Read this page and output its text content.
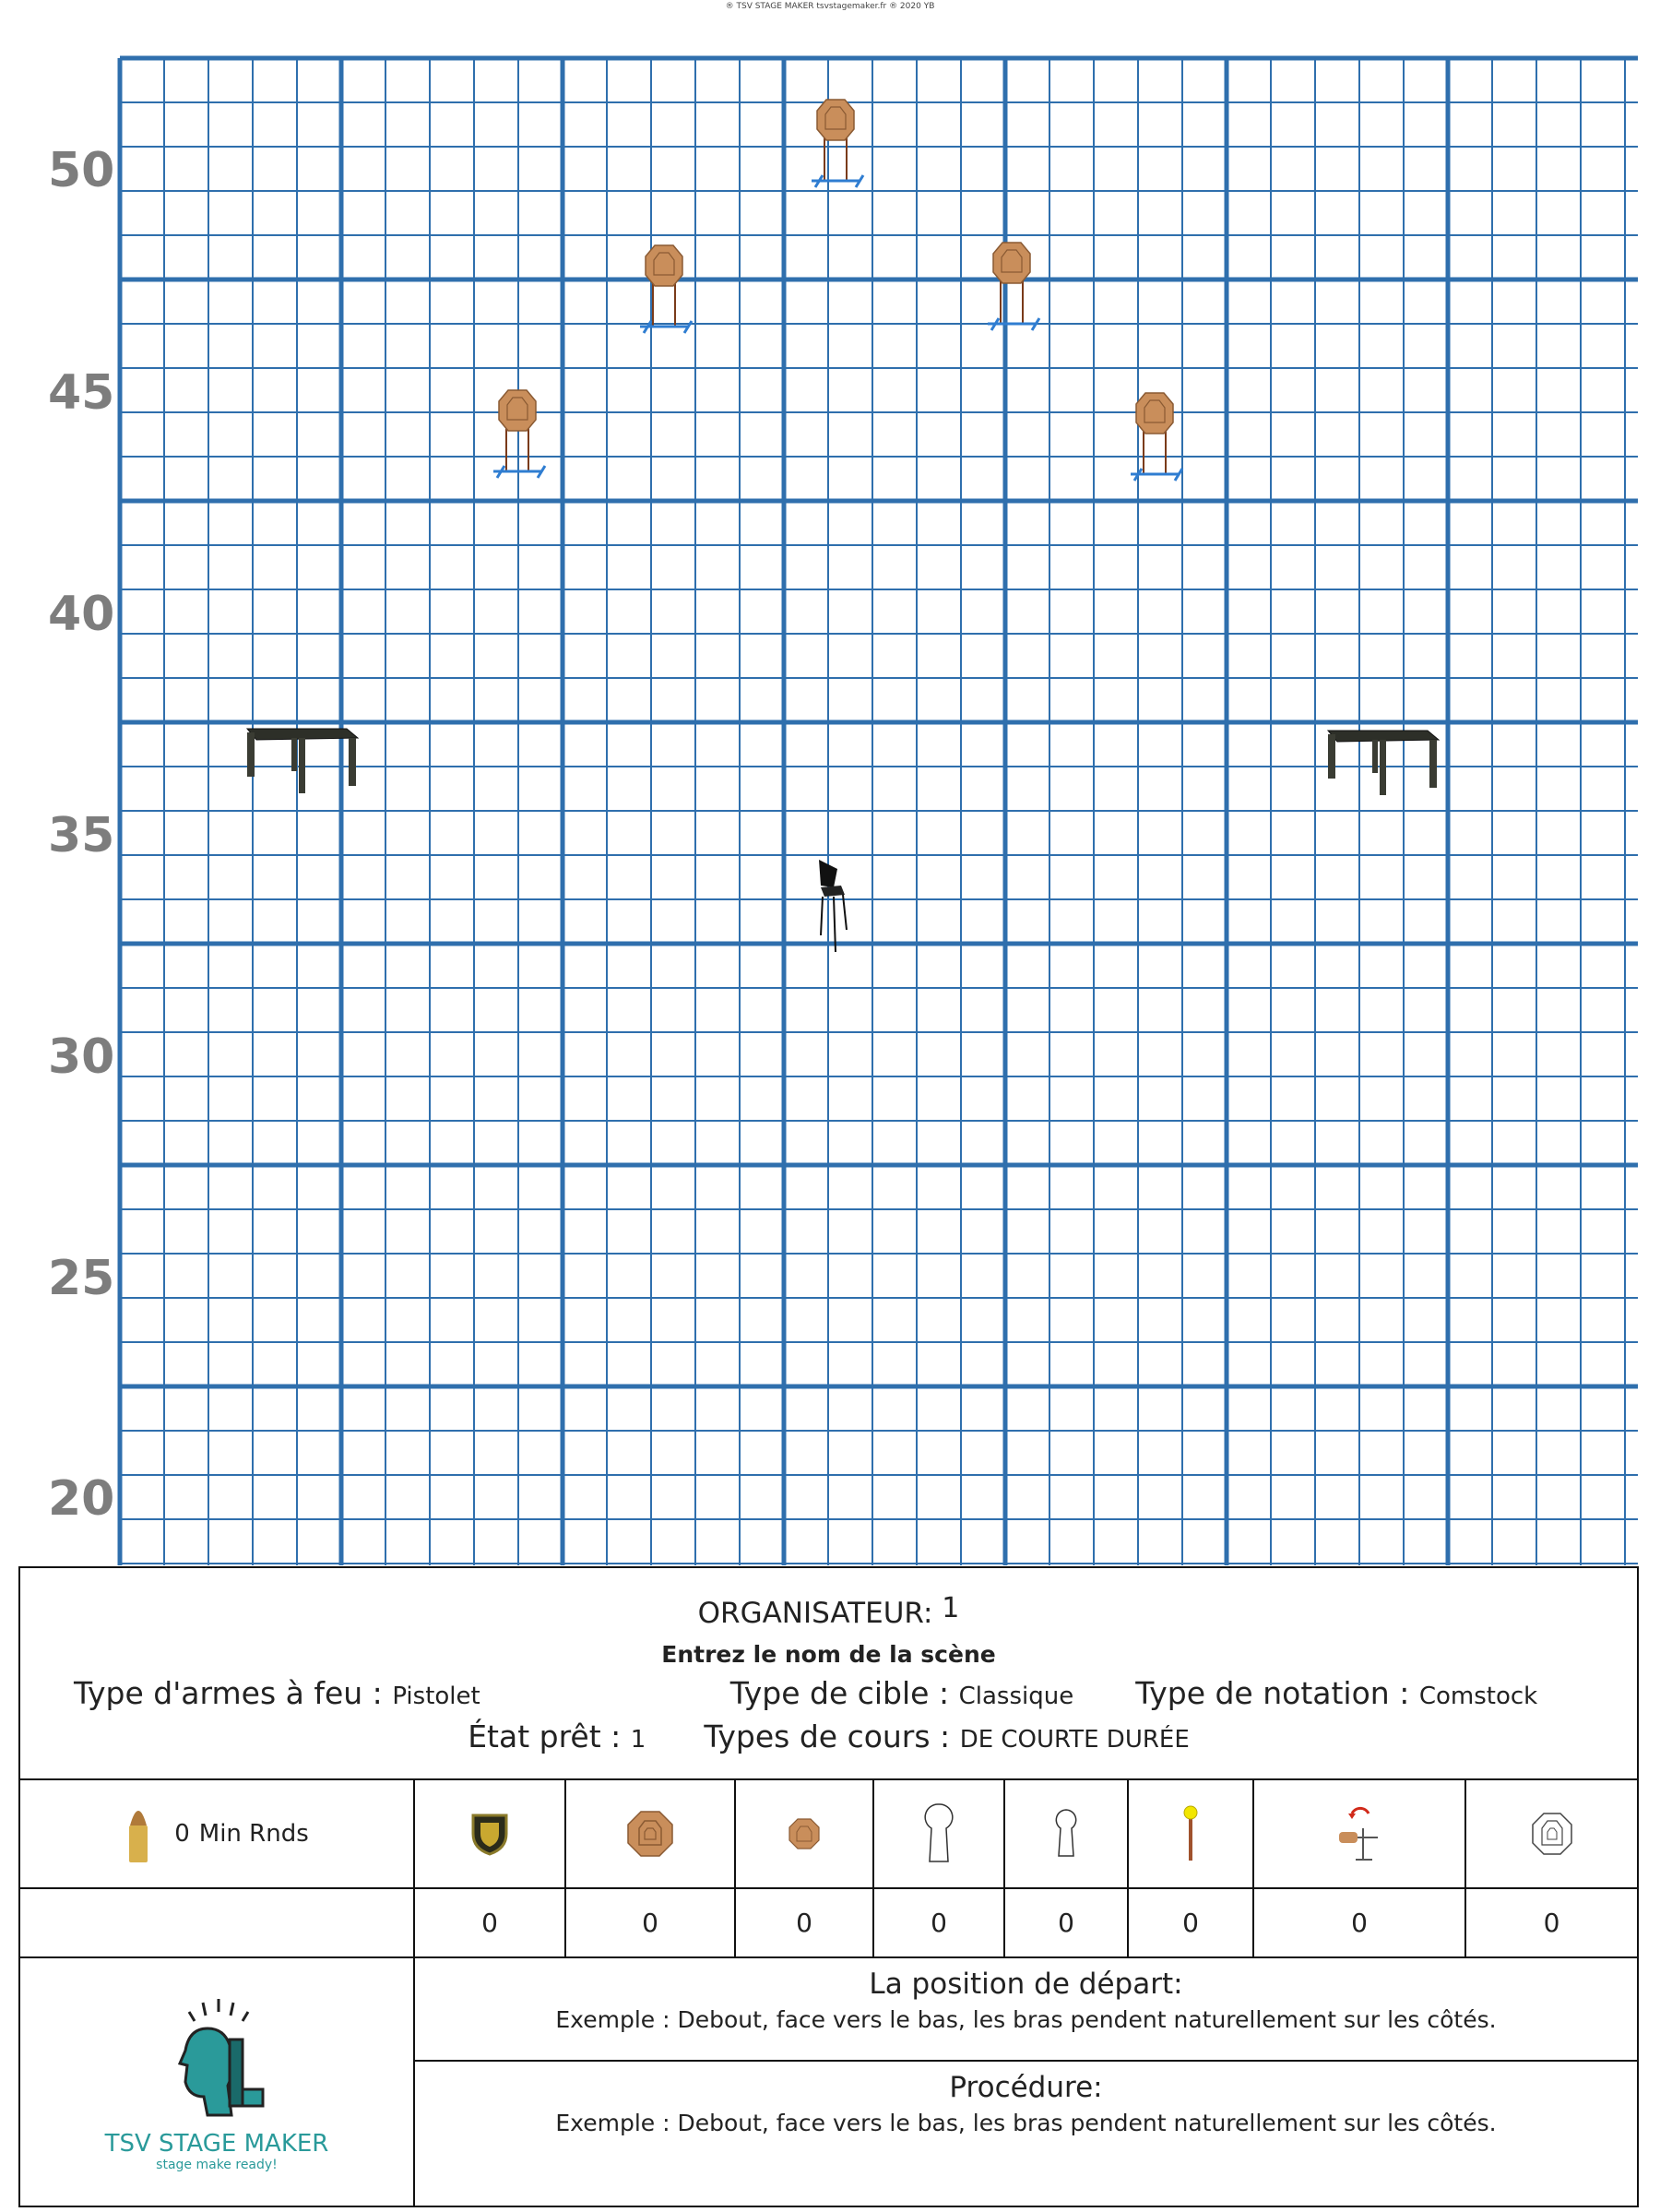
® TSV STAGE MAKER tsvstagemaker.fr ® 2020 YB
50
45
40
35
30
25
20
ORGANISATEUR: 1
Entrez le nom de la scène
Type d'armes à feu : Pistolet	Type de cible : Classique Type de notation : Comstock
État prêt : 1 Types de cours : DE COURTE DURÉE
0 Min Rnds
0	0	0	0	0	0	0	0
La position de départ:
Exemple : Debout, face vers le bas, les bras pendent naturellement sur les côtés.
Procédure:
Exemple : Debout, face vers le bas, les bras pendent naturellement sur les côtés.
TSV STAGE MAKER
stage make ready!
